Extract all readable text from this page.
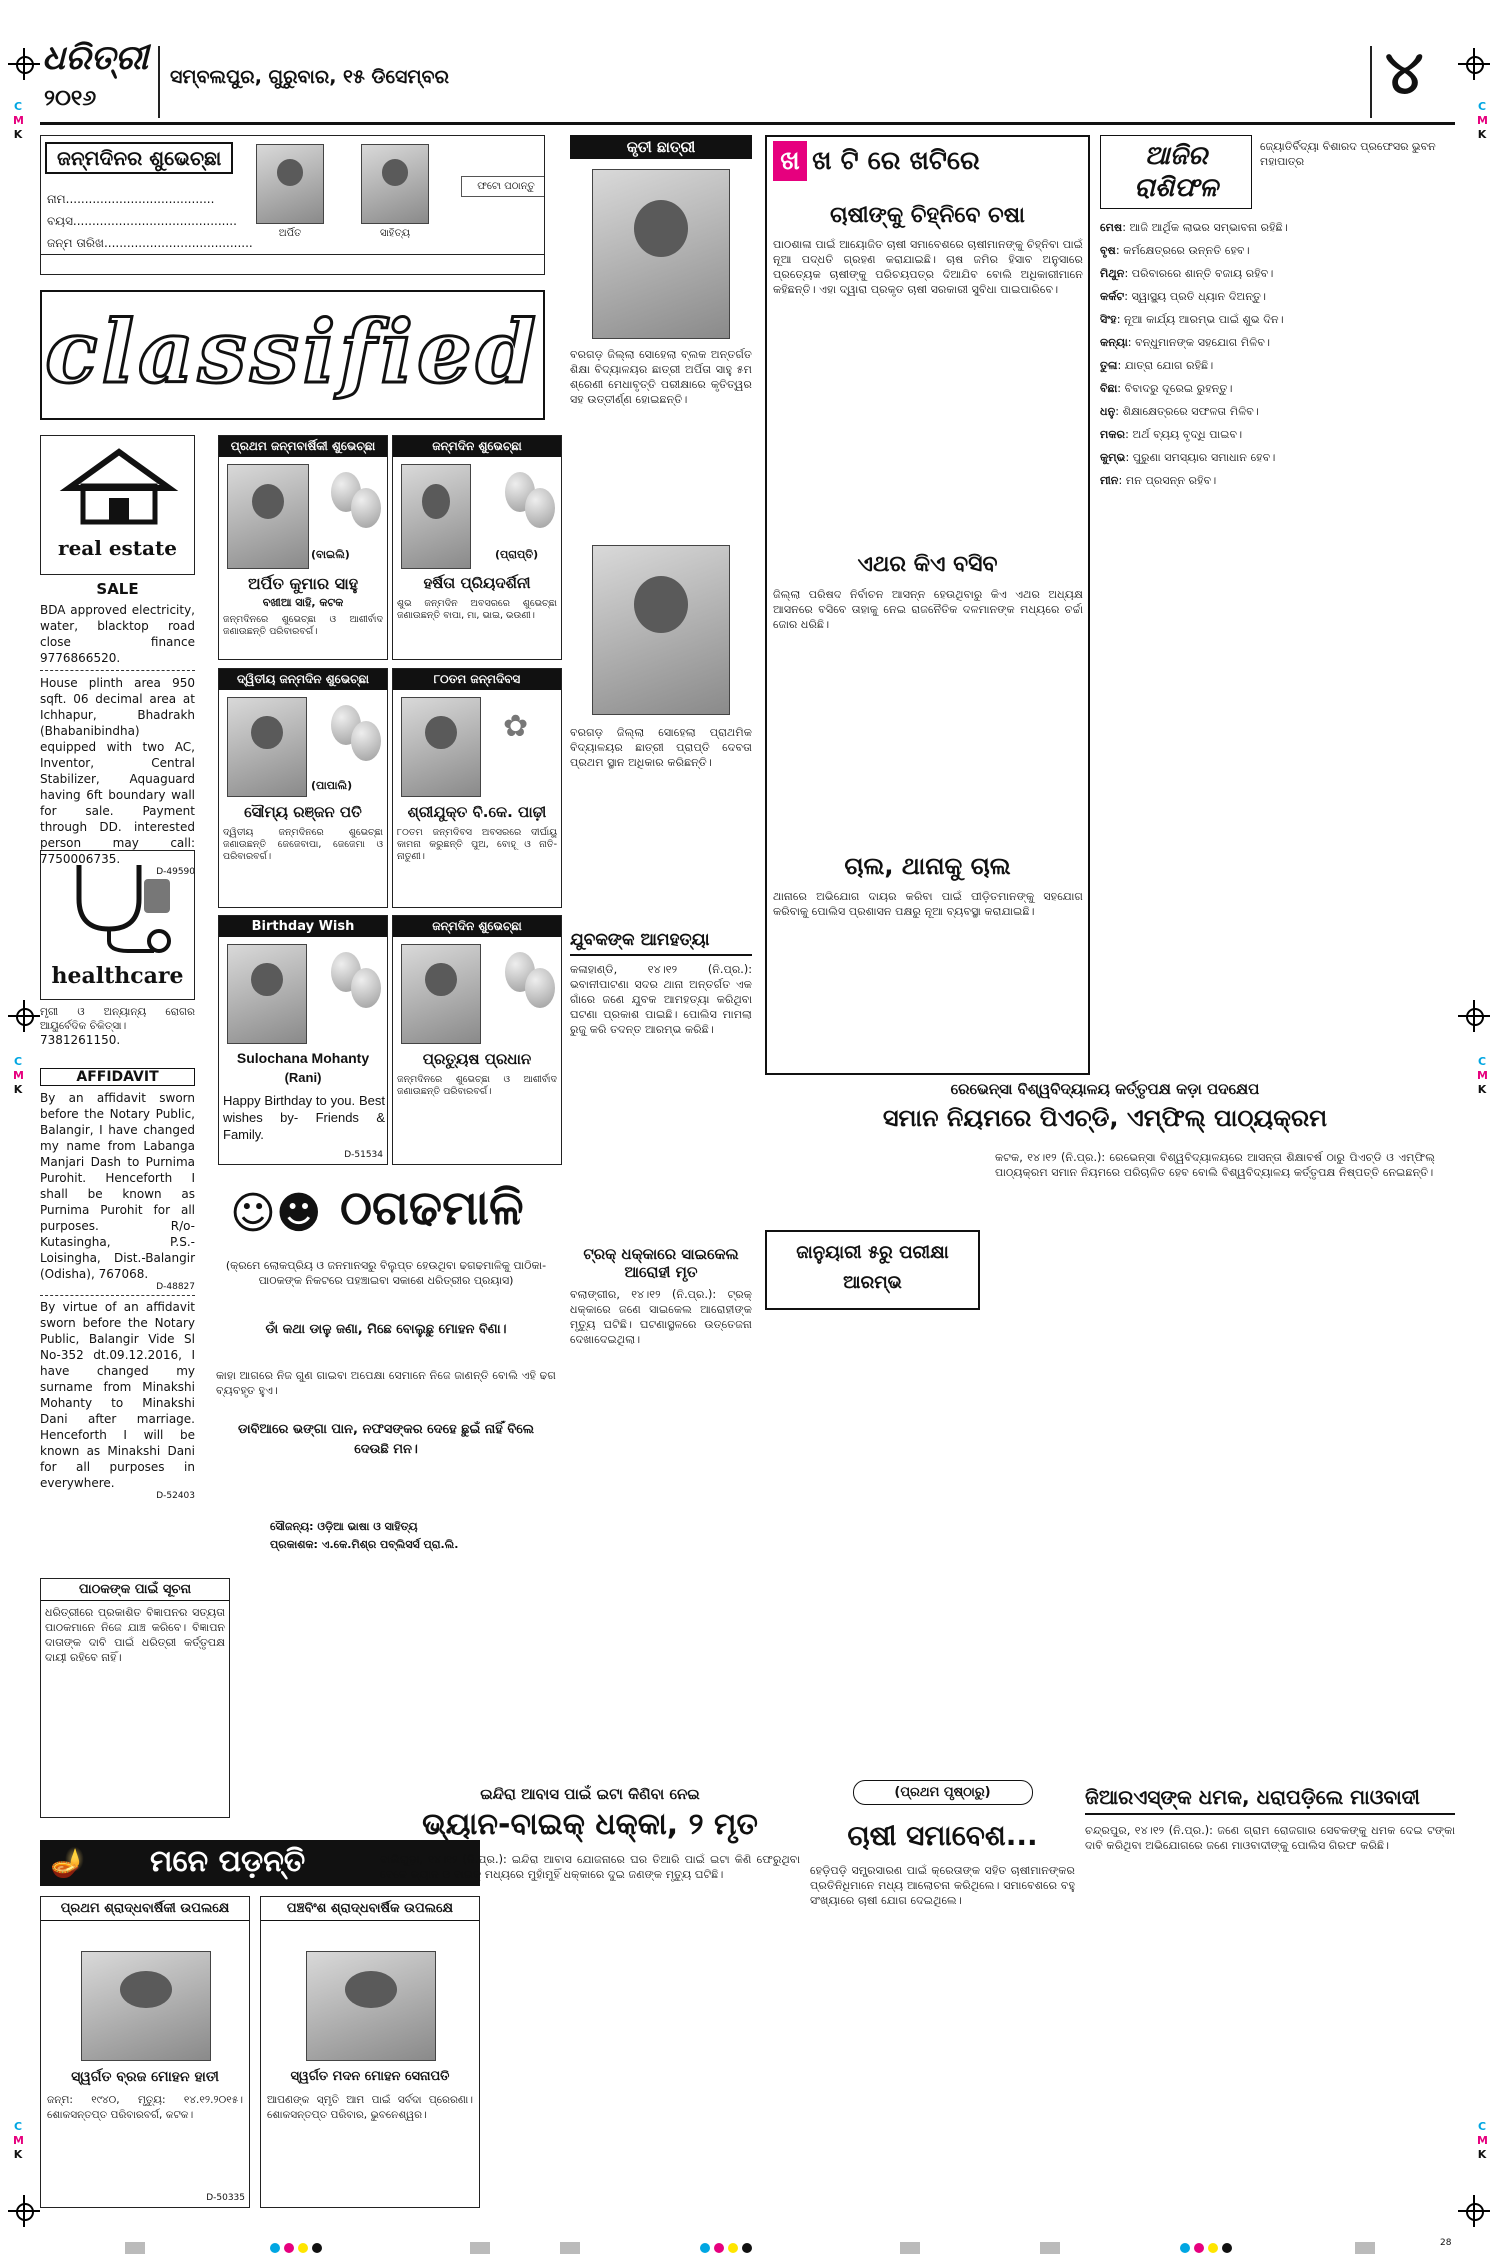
C
M
K
C
M
K
C
M
K
C
M
K
C
M
K
C
M
K
ଧରିତ୍ରୀ
୨୦୧୬
ସମ୍ବଲପୁର, ଗୁରୁବାର, ୧୫ ଡିସେମ୍ବର	୪
ଜନ୍ମଦିନର ଶୁଭେଚ୍ଛା
ନାମ.......................................
ବୟସ...........................................
ଜନ୍ମ ତାରିଖ.......................................
ଅର୍ପିତ	ସାହିତ୍ୟ
ଫଟୋ ପଠାନ୍ତୁ
classified
real estate
SALE
BDA approved electricity, water, blacktop road close finance 9776866520.
House plinth area 950 sqft. 06 decimal area at Ichhapur, Bhadrakh (Bhabanibindha) equipped with two AC, Inventor, Central Stabilizer, Aquaguard having 6ft boundary wall for sale. Payment through DD. interested person may call: 7750006735.
D-49590
healthcare
ମୃଗୀ ଓ ଅନ୍ୟାନ୍ୟ ରୋଗର ଆୟୁର୍ବେଦିକ ଚିକିତ୍ସା।
7381261150.
AFFIDAVIT
By an affidavit sworn before the Notary Public, Balangir, I have changed my name from Labanga Manjari Dash to Purnima Purohit. Henceforth I shall be known as Purnima Purohit for all purposes. R/o-Kutasingha, P.S.- Loisingha, Dist.-Balangir (Odisha), 767068.
D-48827
By virtue of an affidavit sworn before the Notary Public, Balangir Vide Sl No-352 dt.09.12.2016, I have changed my surname from Minakshi Mohanty to Minakshi Dani after marriage. Henceforth I will be known as Minakshi Dani for all purposes in everywhere.
D-52403
ପାଠକଙ୍କ ପାଇଁ ସୂଚନା
ଧରିତ୍ରୀରେ ପ୍ରକାଶିତ ବିଜ୍ଞାପନର ସତ୍ୟତା ପାଠକମାନେ ନିଜେ ଯାଞ୍ଚ କରିବେ। ବିଜ୍ଞାପନ ଦାତାଙ୍କ ଦାବି ପାଇଁ ଧରିତ୍ରୀ କର୍ତ୍ତୃପକ୍ଷ ଦାୟୀ ରହିବେ ନାହିଁ।
ପ୍ରଥମ ଜନ୍ମବାର୍ଷିକୀ ଶୁଭେଚ୍ଛା
(ବାଇଲି)
ଅର୍ପିତ କୁମାର ସାହୁ
ବଖୀଆ ସାହି, କଟକ
ଜନ୍ମଦିନରେ ଶୁଭେଚ୍ଛା ଓ ଆଶୀର୍ବାଦ ଜଣାଉଛନ୍ତି ପରିବାରବର୍ଗ।
ଜନ୍ମଦିନ ଶୁଭେଚ୍ଛା
(ପ୍ରାପ୍ତି)
ହର୍ଷିତା ପ୍ରିୟଦର୍ଶିନୀ
ଶୁଭ ଜନ୍ମଦିନ ଅବସରରେ ଶୁଭେଚ୍ଛା ଜଣାଉଛନ୍ତି ବାପା, ମା, ଭାଇ, ଭଉଣୀ।
ଦ୍ୱିତୀୟ ଜନ୍ମଦିନ ଶୁଭେଚ୍ଛା
(ପାପାଲି)
ସୌମ୍ୟ ରଞ୍ଜନ ପତି
ଦ୍ୱିତୀୟ ଜନ୍ମଦିନରେ ଶୁଭେଚ୍ଛା ଜଣାଉଛନ୍ତି ଜେଜେବାପା, ଜେଜେମା ଓ ପରିବାରବର୍ଗ।
୮୦ତମ ଜନ୍ମଦିବସ
✿
ଶ୍ରୀଯୁକ୍ତ ବି.କେ. ପାଢ଼ୀ
୮୦ତମ ଜନ୍ମଦିବସ ଅବସରରେ ଦୀର୍ଘାୟୁ କାମନା କରୁଛନ୍ତି ପୁଅ, ବୋହୂ ଓ ନାତି-ନାତୁଣୀ।
Birthday Wish
Sulochana Mohanty
(Rani)
Happy Birthday to you. Best wishes by- Friends & Family.
D-51534
ଜନ୍ମଦିନ ଶୁଭେଚ୍ଛା
ପ୍ରତ୍ୟୁଷ ପ୍ରଧାନ
ଜନ୍ମଦିନରେ ଶୁଭେଚ୍ଛା ଓ ଆଶୀର୍ବାଦ ଜଣାଉଛନ୍ତି ପରିବାରବର୍ଗ।
କୃତୀ ଛାତ୍ରୀ
ବରଗଡ଼ ଜିଲ୍ଲା ସୋହେଲା ବ୍ଲକ ଅନ୍ତର୍ଗତ ଶିକ୍ଷା ବିଦ୍ୟାଳୟର ଛାତ୍ରୀ ଅର୍ପିତା ସାହୁ ୫ମ ଶ୍ରେଣୀ ମେଧାବୃତ୍ତି ପରୀକ୍ଷାରେ କୃତିତ୍ୱର ସହ ଉତ୍ତୀର୍ଣ୍ଣ ହୋଇଛନ୍ତି।
ବରଗଡ଼ ଜିଲ୍ଲା ସୋହେଲା ପ୍ରାଥମିକ ବିଦ୍ୟାଳୟର ଛାତ୍ରୀ ପ୍ରାପ୍ତି ଦେବତା ପ୍ରଥମ ସ୍ଥାନ ଅଧିକାର କରିଛନ୍ତି।
ଯୁବକଙ୍କ ଆମହତ୍ୟା
କଳାହାଣ୍ଡି, ୧୪।୧୨ (ନି.ପ୍ର.): ଭବାନୀପାଟଣା ସଦର ଥାନା ଅନ୍ତର୍ଗତ ଏକ ଗାଁରେ ଜଣେ ଯୁବକ ଆମହତ୍ୟା କରିଥିବା ଘଟଣା ପ୍ରକାଶ ପାଇଛି। ପୋଲିସ ମାମଲା ରୁଜୁ କରି ତଦନ୍ତ ଆରମ୍ଭ କରିଛି।
ଟ୍ରକ୍ ଧକ୍କାରେ ସାଇକେଲ ଆରୋହୀ ମୃତ
ବଲାଙ୍ଗୀର, ୧୪।୧୨ (ନି.ପ୍ର.): ଟ୍ରକ୍ ଧକ୍କାରେ ଜଣେ ସାଇକେଲ ଆରୋହୀଙ୍କ ମୃତ୍ୟୁ ଘଟିଛି। ଘଟଣାସ୍ଥଳରେ ଉତ୍ତେଜନା ଦେଖାଦେଇଥିଲା।
☺☻ ଠଗଢମାଳି
(କ୍ରମେ ଲୋକପ୍ରିୟ ଓ ଜନମାନସରୁ ବିଲୁପ୍ତ ହେଉଥିବା ଢଗଢମାଳିକୁ ପାଠିକା-ପାଠକଙ୍କ ନିକଟରେ ପହଞ୍ଚାଇବା ସକାଶେ ଧରିତ୍ରୀର ପ୍ରୟାସ)
ଡାଁ କଥା ଡାଳୁ ଜଣା, ମିଛେ ବୋଲୁଛୁ ମୋହନ ବିଣା।
କାହା ଆଗରେ ନିଜ ଗୁଣ ଗାଇବା ଅପେକ୍ଷା ସେମାନେ ନିଜେ ଜାଣନ୍ତି ବୋଲି ଏହି ଢଗ ବ୍ୟବହୃତ ହୁଏ।
ଡାବିଆରେ ଭଙ୍ଗା ପାନ, ନଫସଙ୍କର ଦେହେ ଛୁଇଁ ନାହିଁ ବିଲେ ଦେଉଛି ମନ।
ସୌଜନ୍ୟ: ଓଡ଼ିଆ ଭାଷା ଓ ସାହିତ୍ୟ
ପ୍ରକାଶକ: ଏ.କେ.ମିଶ୍ର ପବ୍ଲିସର୍ସ ପ୍ରା.ଲି.
ଖ ଖ ଟି ରେ ଖଟିରେ
ଚାଷୀଙ୍କୁ ଚିହ୍ନିବେ ଚଷା
ପାଠଶାଳା ପାଇଁ ଆୟୋଜିତ ଚାଷୀ ସମାବେଶରେ ଚାଷୀମାନଙ୍କୁ ଚିହ୍ନିବା ପାଇଁ ନୂଆ ପଦ୍ଧତି ଗ୍ରହଣ କରାଯାଇଛି। ଚାଷ ଜମିର ହିସାବ ଅନୁସାରେ ପ୍ରତ୍ୟେକ ଚାଷୀଙ୍କୁ ପରିଚୟପତ୍ର ଦିଆଯିବ ବୋଲି ଅଧିକାରୀମାନେ କହିଛନ୍ତି। ଏହା ଦ୍ୱାରା ପ୍ରକୃତ ଚାଷୀ ସରକାରୀ ସୁବିଧା ପାଇପାରିବେ।
ଏଥର କିଏ ବସିବ
ଜିଲ୍ଲା ପରିଷଦ ନିର୍ବାଚନ ଆସନ୍ନ ହେଉଥିବାରୁ କିଏ ଏଥର ଅଧ୍ୟକ୍ଷ ଆସନରେ ବସିବେ ତାହାକୁ ନେଇ ରାଜନୈତିକ ଦଳମାନଙ୍କ ମଧ୍ୟରେ ଚର୍ଚ୍ଚା ଜୋର ଧରିଛି।
ଚାଲ, ଥାନାକୁ ଚାଲ
ଥାନାରେ ଅଭିଯୋଗ ଦାୟର କରିବା ପାଇଁ ପୀଡ଼ିତମାନଙ୍କୁ ସହଯୋଗ କରିବାକୁ ପୋଲିସ ପ୍ରଶାସନ ପକ୍ଷରୁ ନୂଆ ବ୍ୟବସ୍ଥା କରାଯାଇଛି।
ରେଭେନ୍ସା ବିଶ୍ୱବିଦ୍ୟାଳୟ କର୍ତ୍ତୃପକ୍ଷ କଡ଼ା ପଦକ୍ଷେପ
ସମାନ ନିୟମରେ ପିଏଚ୍‌ଡି, ଏମ୍‌ଫିଲ୍ ପାଠ୍ୟକ୍ରମ
ଜାନୁୟାରୀ ୫ରୁ ପରୀକ୍ଷା ଆରମ୍ଭ
କଟକ, ୧୪।୧୨ (ନି.ପ୍ର.): ରେଭେନ୍ସା ବିଶ୍ୱବିଦ୍ୟାଳୟରେ ଆସନ୍ତା ଶିକ୍ଷାବର୍ଷ ଠାରୁ ପିଏଚ୍‌ଡି ଓ ଏମ୍‌ଫିଲ୍ ପାଠ୍ୟକ୍ରମ ସମାନ ନିୟମରେ ପରିଚାଳିତ ହେବ ବୋଲି ବିଶ୍ୱବିଦ୍ୟାଳୟ କର୍ତ୍ତୃପକ୍ଷ ନିଷ୍ପତ୍ତି ନେଇଛନ୍ତି।
ଆଜିର ରାଶିଫଳ
ଜ୍ୟୋତିର୍ବିଦ୍ୟା ବିଶାରଦ ପ୍ରଫେସର ଭୁବନ ମହାପାତ୍ର
ମେଷ: ଆଜି ଆର୍ଥିକ ଲାଭର ସମ୍ଭାବନା ରହିଛି।
ବୃଷ: କର୍ମକ୍ଷେତ୍ରରେ ଉନ୍ନତି ହେବ।
ମିଥୁନ: ପରିବାରରେ ଶାନ୍ତି ବଜାୟ ରହିବ।
କର୍କଟ: ସ୍ୱାସ୍ଥ୍ୟ ପ୍ରତି ଧ୍ୟାନ ଦିଅନ୍ତୁ।
ସିଂହ: ନୂଆ କାର୍ଯ୍ୟ ଆରମ୍ଭ ପାଇଁ ଶୁଭ ଦିନ।
କନ୍ୟା: ବନ୍ଧୁମାନଙ୍କ ସହଯୋଗ ମିଳିବ।
ତୁଳା: ଯାତ୍ରା ଯୋଗ ରହିଛି।
ବିଛା: ବିବାଦରୁ ଦୂରେଇ ରୁହନ୍ତୁ।
ଧନୁ: ଶିକ୍ଷାକ୍ଷେତ୍ରରେ ସଫଳତା ମିଳିବ।
ମକର: ଅର୍ଥ ବ୍ୟୟ ବୃଦ୍ଧି ପାଇବ।
କୁମ୍ଭ: ପୁରୁଣା ସମସ୍ୟାର ସମାଧାନ ହେବ।
ମୀନ: ମନ ପ୍ରସନ୍ନ ରହିବ।
🪔 ମନେ ପଡ଼ନ୍ତି
ପ୍ରଥମ ଶ୍ରାଦ୍ଧବାର୍ଷିକୀ ଉପଲକ୍ଷେ
ସ୍ୱର୍ଗତ ବ୍ରଜ ମୋହନ ହାତୀ
ଜନ୍ମ: ୧୯୪୦, ମୃତ୍ୟୁ: ୧୪.୧୨.୨୦୧୫। ଶୋକସନ୍ତପ୍ତ ପରିବାରବର୍ଗ, କଟକ।
D-50335
ପଞ୍ଚବିଂଶ ଶ୍ରାଦ୍ଧବାର୍ଷିକ ଉପଲକ୍ଷେ
ସ୍ୱର୍ଗତ ମଦନ ମୋହନ ସେନାପତି
ଆପଣଙ୍କ ସ୍ମୃତି ଆମ ପାଇଁ ସର୍ବଦା ପ୍ରେରଣା। ଶୋକସନ୍ତପ୍ତ ପରିବାର, ଭୁବନେଶ୍ୱର।
ଇନ୍ଦିରା ଆବାସ ପାଇଁ ଇଟା କିଣିବା ନେଇ
ଭ୍ୟାନ-ବାଇକ୍ ଧକ୍କା, ୨ ମୃତ
ବାଲିଗୁଡ଼ା, ୧୪।୧୨ (ନି.ପ୍ର.): ଇନ୍ଦିରା ଆବାସ ଯୋଜନାରେ ଘର ତିଆରି ପାଇଁ ଇଟା କିଣି ଫେରୁଥିବା ବେଳେ ଭ୍ୟାନ ଓ ବାଇକ୍ ମଧ୍ୟରେ ମୁହାଁମୁହିଁ ଧକ୍କାରେ ଦୁଇ ଜଣଙ୍କ ମୃତ୍ୟୁ ଘଟିଛି।
(ପ୍ରଥମ ପୃଷ୍ଠାରୁ)
ଚାଷୀ ସମାବେଶ...
ହେଡ଼ିପଡ଼ି ସମ୍ପ୍ରସାରଣ ପାଇଁ କ୍ରେତାଙ୍କ ସହିତ ଚାଷୀମାନଙ୍କର ପ୍ରତିନିଧିମାନେ ମଧ୍ୟ ଆଲୋଚନା କରିଥିଲେ। ସମାବେଶରେ ବହୁ ସଂଖ୍ୟାରେ ଚାଷୀ ଯୋଗ ଦେଇଥିଲେ।
ଜିଆରଏସ୍‌ଙ୍କ ଧମକ, ଧରାପଡ଼ିଲେ ମାଓବାଦୀ
ଚନ୍ଦ୍ରପୁର, ୧୪।୧୨ (ନି.ପ୍ର.): ଜଣେ ଗ୍ରାମ ରୋଜଗାର ସେବକଙ୍କୁ ଧମକ ଦେଇ ଟଙ୍କା ଦାବି କରିଥିବା ଅଭିଯୋଗରେ ଜଣେ ମାଓବାଦୀଙ୍କୁ ପୋଲିସ ଗିରଫ କରିଛି।
28
